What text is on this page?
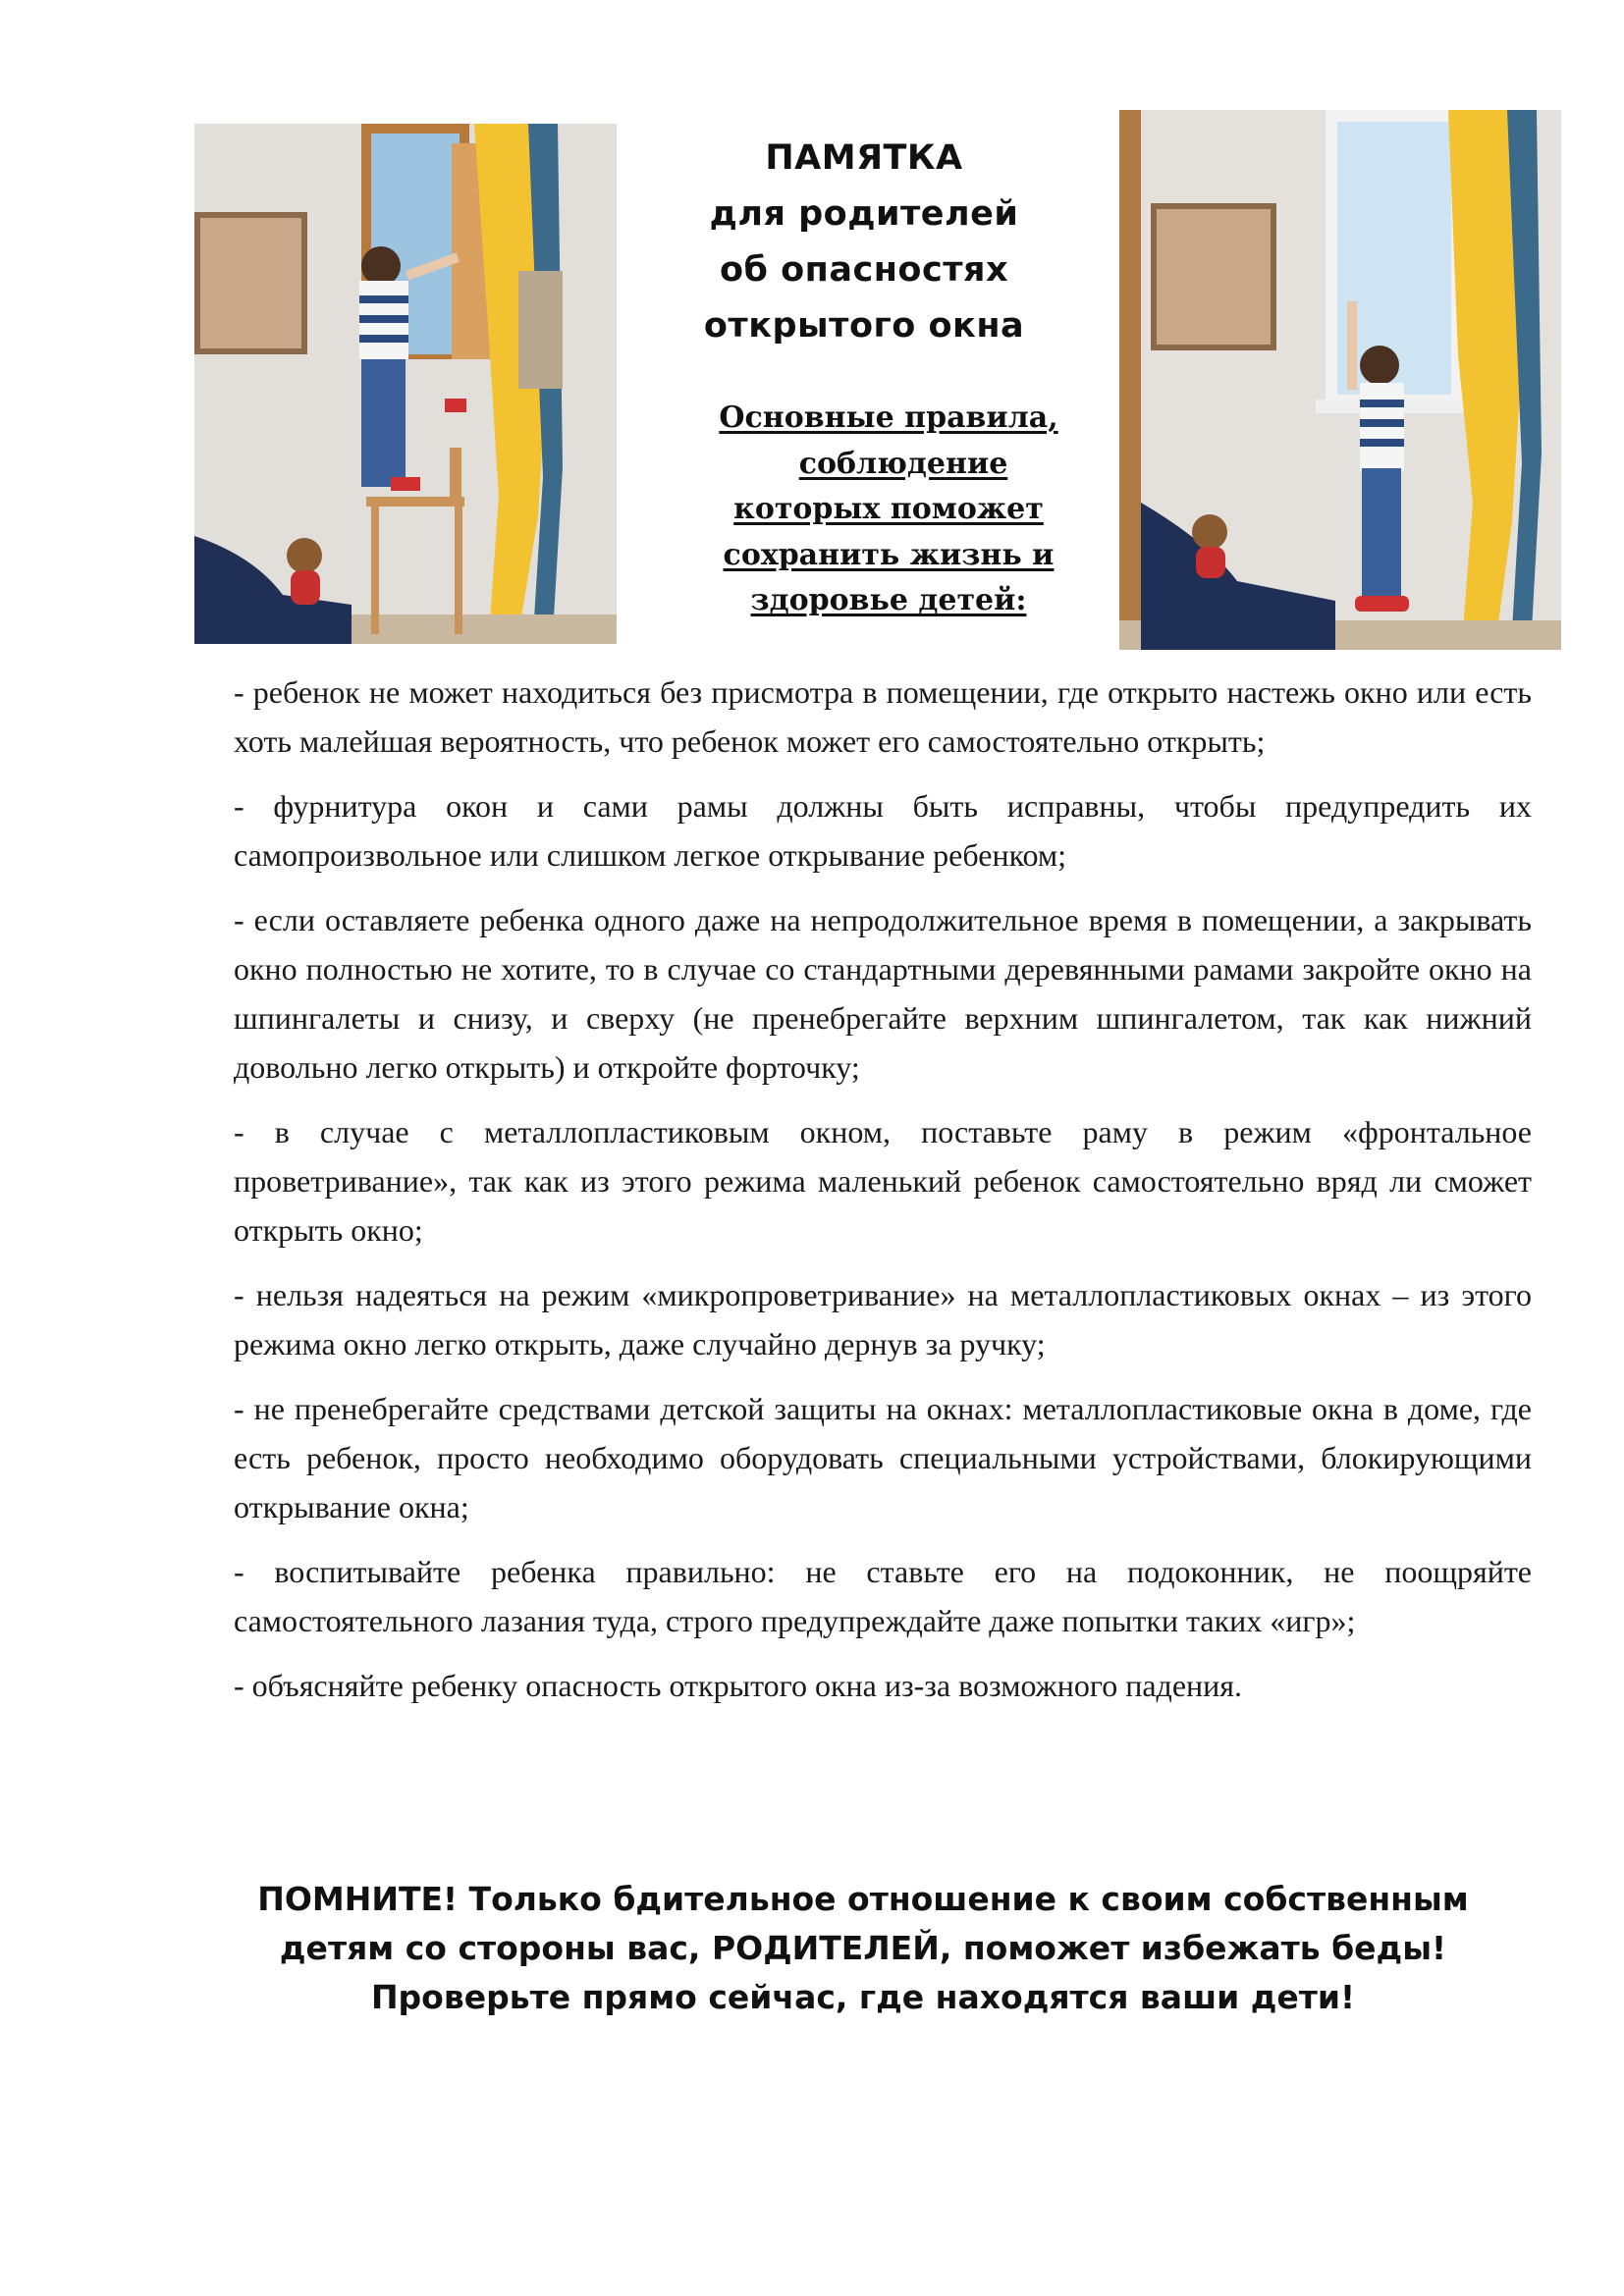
ПАМЯТКА
для родителей
об опасностях
открытого окна
Основные правила,
соблюдение
которых поможет
сохранить жизнь и
здоровье детей:

- ребенок не может находиться без присмотра в помещении, где открыто настежь окно или есть хоть малейшая вероятность, что ребенок может его самостоятельно открыть;

- фурнитура окон и сами рамы должны быть исправны, чтобы предупредить их самопроизвольное или слишком легкое открывание ребенком;

- если оставляете ребенка одного даже на непродолжительное время в помещении, а закрывать окно полностью не хотите, то в случае со стандартными деревянными рамами закройте окно на шпингалеты и снизу, и сверху (не пренебрегайте верхним шпингалетом, так как нижний довольно легко открыть) и откройте форточку;

- в случае с металлопластиковым окном, поставьте раму в режим «фронтальное проветривание», так как из этого режима маленький ребенок самостоятельно вряд ли сможет открыть окно;

- нельзя надеяться на режим «микропроветривание» на металлопластиковых окнах – из этого режима окно легко открыть, даже случайно дернув за ручку;

- не пренебрегайте средствами детской защиты на окнах: металлопластиковые окна в доме, где есть ребенок, просто необходимо оборудовать специальными устройствами, блокирующими открывание окна;

- воспитывайте ребенка правильно: не ставьте его на подоконник, не поощряйте самостоятельного лазания туда, строго предупреждайте даже попытки таких «игр»;

- объясняйте ребенку опасность открытого окна из-за возможного падения.

ПОМНИТЕ! Только бдительное отношение к своим собственным
детям со стороны вас, РОДИТЕЛЕЙ, поможет избежать беды!
Проверьте прямо сейчас, где находятся ваши дети!
